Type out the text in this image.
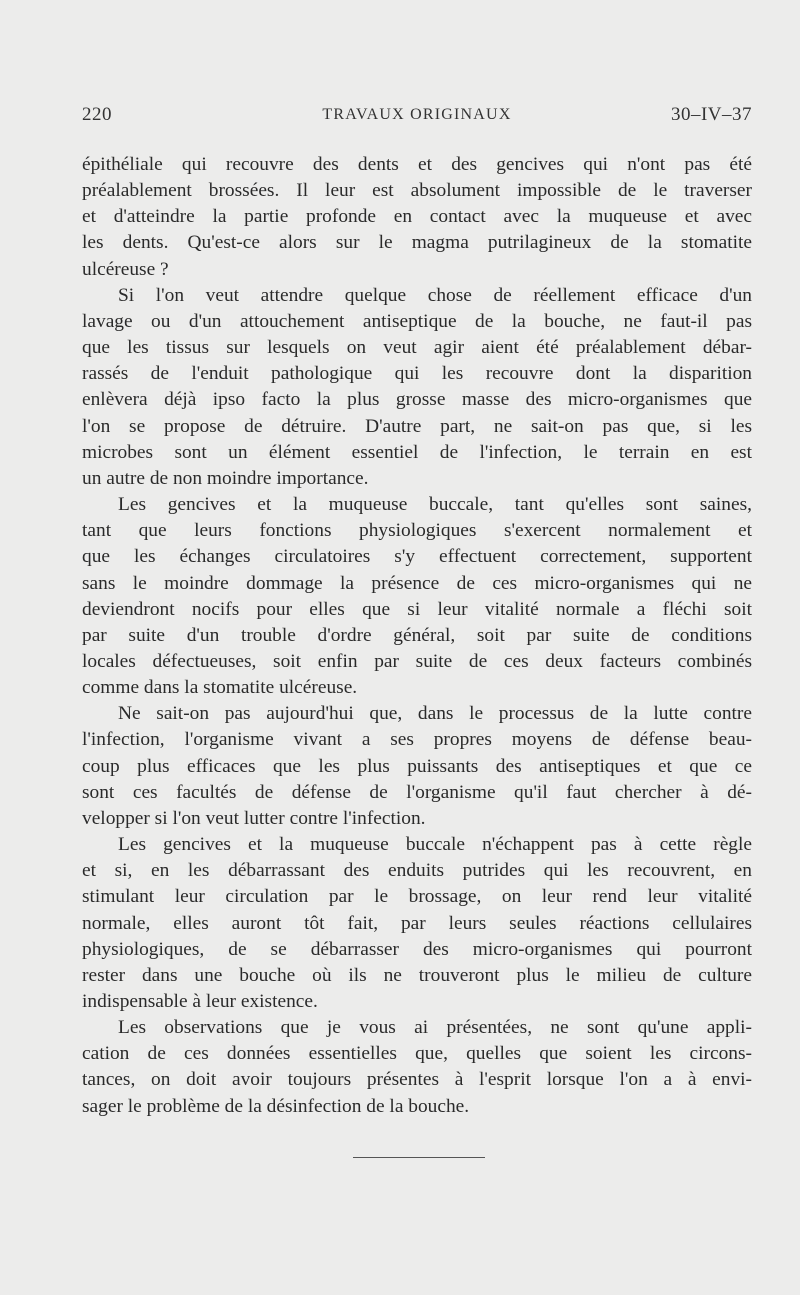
220	TRAVAUX ORIGINAUX	30–IV–37

épithéliale qui recouvre des dents et des gencives qui n'ont pas été
préalablement brossées. Il leur est absolument impossible de le traverser
et d'atteindre la partie profonde en contact avec la muqueuse et avec
les dents. Qu'est-ce alors sur le magma putrilagineux de la stomatite
ulcéreuse ?

Si l'on veut attendre quelque chose de réellement efficace d'un
lavage ou d'un attouchement antiseptique de la bouche, ne faut-il pas
que les tissus sur lesquels on veut agir aient été préalablement débar-
rassés de l'enduit pathologique qui les recouvre dont la disparition
enlèvera déjà ipso facto la plus grosse masse des micro-organismes que
l'on se propose de détruire. D'autre part, ne sait-on pas que, si les
microbes sont un élément essentiel de l'infection, le terrain en est
un autre de non moindre importance.

Les gencives et la muqueuse buccale, tant qu'elles sont saines,
tant que leurs fonctions physiologiques s'exercent normalement et
que les échanges circulatoires s'y effectuent correctement, supportent
sans le moindre dommage la présence de ces micro-organismes qui ne
deviendront nocifs pour elles que si leur vitalité normale a fléchi soit
par suite d'un trouble d'ordre général, soit par suite de conditions
locales défectueuses, soit enfin par suite de ces deux facteurs combinés
comme dans la stomatite ulcéreuse.

Ne sait-on pas aujourd'hui que, dans le processus de la lutte contre
l'infection, l'organisme vivant a ses propres moyens de défense beau-
coup plus efficaces que les plus puissants des antiseptiques et que ce
sont ces facultés de défense de l'organisme qu'il faut chercher à dé-
velopper si l'on veut lutter contre l'infection.

Les gencives et la muqueuse buccale n'échappent pas à cette règle
et si, en les débarrassant des enduits putrides qui les recouvrent, en
stimulant leur circulation par le brossage, on leur rend leur vitalité
normale, elles auront tôt fait, par leurs seules réactions cellulaires
physiologiques, de se débarrasser des micro-organismes qui pourront
rester dans une bouche où ils ne trouveront plus le milieu de culture
indispensable à leur existence.

Les observations que je vous ai présentées, ne sont qu'une appli-
cation de ces données essentielles que, quelles que soient les circons-
tances, on doit avoir toujours présentes à l'esprit lorsque l'on a à envi-
sager le problème de la désinfection de la bouche.
